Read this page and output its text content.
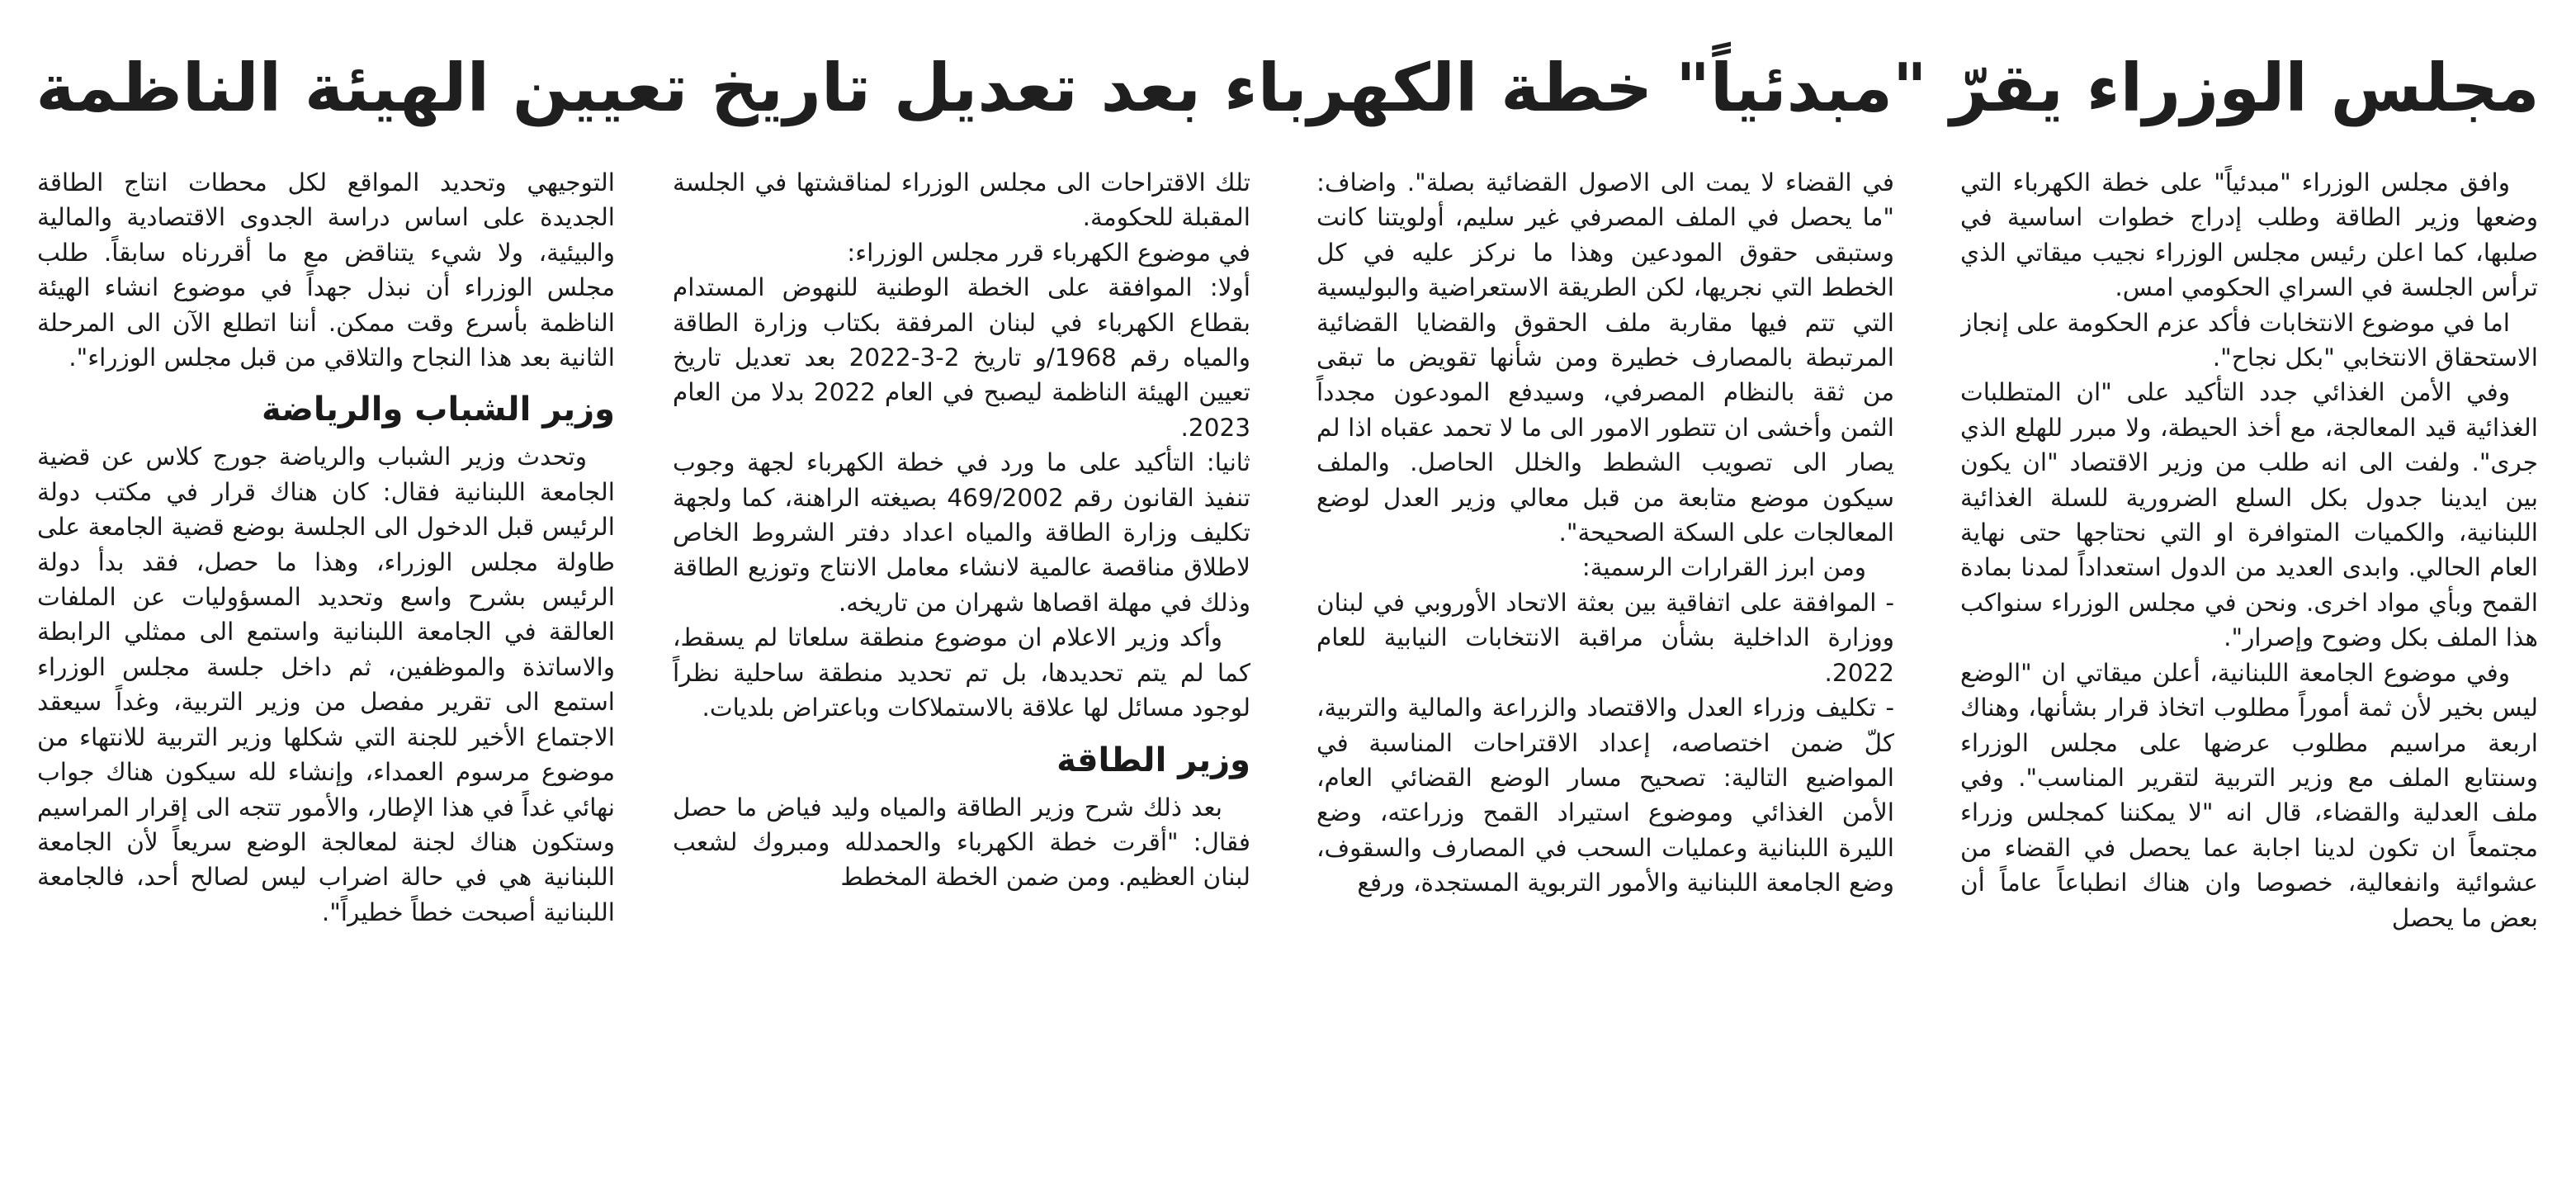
مجلس الوزراء يقرّ "مبدئياً" خطة الكهرباء بعد تعديل تاريخ تعيين الهيئة الناظمة

وافق مجلس الوزراء "مبدئياً" على خطة الكهرباء التي وضعها وزير الطاقة وطلب إدراج خطوات اساسية في صلبها، كما اعلن رئيس مجلس الوزراء نجيب ميقاتي الذي ترأس الجلسة في السراي الحكومي امس.

اما في موضوع الانتخابات فأكد عزم الحكومة على إنجاز الاستحقاق الانتخابي "بكل نجاح".

وفي الأمن الغذائي جدد التأكيد على "ان المتطلبات الغذائية قيد المعالجة، مع أخذ الحيطة، ولا مبرر للهلع الذي جرى". ولفت الى انه طلب من وزير الاقتصاد "ان يكون بين ايدينا جدول بكل السلع الضرورية للسلة الغذائية اللبنانية، والكميات المتوافرة او التي نحتاجها حتى نهاية العام الحالي. وابدى العديد من الدول استعداداً لمدنا بمادة القمح وبأي مواد اخرى. ونحن في مجلس الوزراء سنواكب هذا الملف بكل وضوح وإصرار".

وفي موضوع الجامعة اللبنانية، أعلن ميقاتي ان "الوضع ليس بخير لأن ثمة أموراً مطلوب اتخاذ قرار بشأنها، وهناك اربعة مراسيم مطلوب عرضها على مجلس الوزراء وسنتابع الملف مع وزير التربية لتقرير المناسب". وفي ملف العدلية والقضاء، قال انه "لا يمكننا كمجلس وزراء مجتمعاً ان تكون لدينا اجابة عما يحصل في القضاء من عشوائية وانفعالية، خصوصا وان هناك انطباعاً عاماً أن بعض ما يحصل

في القضاء لا يمت الى الاصول القضائية بصلة". واضاف: "ما يحصل في الملف المصرفي غير سليم، أولويتنا كانت وستبقى حقوق المودعين وهذا ما نركز عليه في كل الخطط التي نجريها، لكن الطريقة الاستعراضية والبوليسية التي تتم فيها مقاربة ملف الحقوق والقضايا القضائية المرتبطة بالمصارف خطيرة ومن شأنها تقويض ما تبقى من ثقة بالنظام المصرفي، وسيدفع المودعون مجدداً الثمن وأخشى ان تتطور الامور الى ما لا تحمد عقباه اذا لم يصار الى تصويب الشطط والخلل الحاصل. والملف سيكون موضع متابعة من قبل معالي وزير العدل لوضع المعالجات على السكة الصحيحة".

ومن ابرز القرارات الرسمية:

- الموافقة على اتفاقية بين بعثة الاتحاد الأوروبي في لبنان ووزارة الداخلية بشأن مراقبة الانتخابات النيابية للعام 2022.

- تكليف وزراء العدل والاقتصاد والزراعة والمالية والتربية، كلّ ضمن اختصاصه، إعداد الاقتراحات المناسبة في المواضيع التالية: تصحيح مسار الوضع القضائي العام، الأمن الغذائي وموضوع استيراد القمح وزراعته، وضع الليرة اللبنانية وعمليات السحب في المصارف والسقوف، وضع الجامعة اللبنانية والأمور التربوية المستجدة، ورفع

تلك الاقتراحات الى مجلس الوزراء لمناقشتها في الجلسة المقبلة للحكومة.

في موضوع الكهرباء قرر مجلس الوزراء:

أولا: الموافقة على الخطة الوطنية للنهوض المستدام بقطاع الكهرباء في لبنان المرفقة بكتاب وزارة الطاقة والمياه رقم 1968/و تاريخ 2-3-2022 بعد تعديل تاريخ تعيين الهيئة الناظمة ليصبح في العام 2022 بدلا من العام 2023.

ثانيا: التأكيد على ما ورد في خطة الكهرباء لجهة وجوب تنفيذ القانون رقم 469/2002 بصيغته الراهنة، كما ولجهة تكليف وزارة الطاقة والمياه اعداد دفتر الشروط الخاص لاطلاق مناقصة عالمية لانشاء معامل الانتاج وتوزيع الطاقة وذلك في مهلة اقصاها شهران من تاريخه.

وأكد وزير الاعلام ان موضوع منطقة سلعاتا لم يسقط، كما لم يتم تحديدها، بل تم تحديد منطقة ساحلية نظراً لوجود مسائل لها علاقة بالاستملاكات وباعتراض بلديات.

وزير الطاقة

بعد ذلك شرح وزير الطاقة والمياه وليد فياض ما حصل فقال: "أقرت خطة الكهرباء والحمدلله ومبروك لشعب لبنان العظيم. ومن ضمن الخطة المخطط

التوجيهي وتحديد المواقع لكل محطات انتاج الطاقة الجديدة على اساس دراسة الجدوى الاقتصادية والمالية والبيئية، ولا شيء يتناقض مع ما أقررناه سابقاً. طلب مجلس الوزراء أن نبذل جهداً في موضوع انشاء الهيئة الناظمة بأسرع وقت ممكن. أننا اتطلع الآن الى المرحلة الثانية بعد هذا النجاح والتلاقي من قبل مجلس الوزراء".

وزير الشباب والرياضة

وتحدث وزير الشباب والرياضة جورج كلاس عن قضية الجامعة اللبنانية فقال: كان هناك قرار في مكتب دولة الرئيس قبل الدخول الى الجلسة بوضع قضية الجامعة على طاولة مجلس الوزراء، وهذا ما حصل، فقد بدأ دولة الرئيس بشرح واسع وتحديد المسؤوليات عن الملفات العالقة في الجامعة اللبنانية واستمع الى ممثلي الرابطة والاساتذة والموظفين، ثم داخل جلسة مجلس الوزراء استمع الى تقرير مفصل من وزير التربية، وغداً سيعقد الاجتماع الأخير للجنة التي شكلها وزير التربية للانتهاء من موضوع مرسوم العمداء، وإنشاء لله سيكون هناك جواب نهائي غداً في هذا الإطار، والأمور تتجه الى إقرار المراسيم وستكون هناك لجنة لمعالجة الوضع سريعاً لأن الجامعة اللبنانية هي في حالة اضراب ليس لصالح أحد، فالجامعة اللبنانية أصبحت خطاً خطيراً".
